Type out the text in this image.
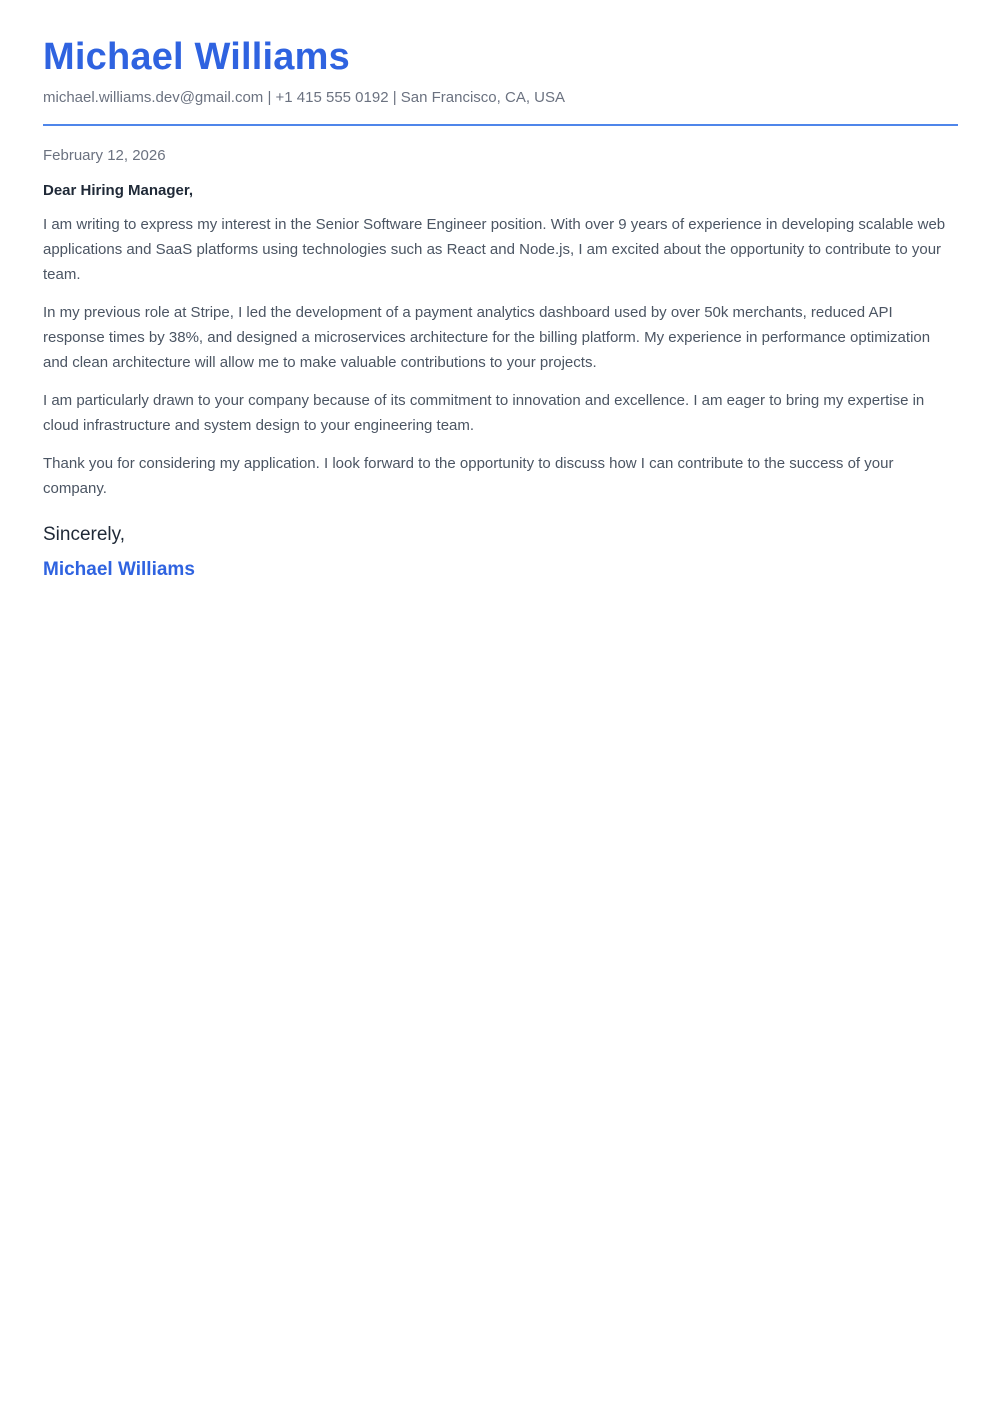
Michael Williams
michael.williams.dev@gmail.com | +1 415 555 0192 | San Francisco, CA, USA
February 12, 2026
Dear Hiring Manager,

I am writing to express my interest in the Senior Software Engineer position. With over 9 years of experience in developing scalable web applications and SaaS platforms using technologies such as React and Node.js, I am excited about the opportunity to contribute to your team.

In my previous role at Stripe, I led the development of a payment analytics dashboard used by over 50k merchants, reduced API response times by 38%, and designed a microservices architecture for the billing platform. My experience in performance optimization and clean architecture will allow me to make valuable contributions to your projects.

I am particularly drawn to your company because of its commitment to innovation and excellence. I am eager to bring my expertise in cloud infrastructure and system design to your engineering team.

Thank you for considering my application. I look forward to the opportunity to discuss how I can contribute to the success of your company.

Sincerely,
Michael Williams
